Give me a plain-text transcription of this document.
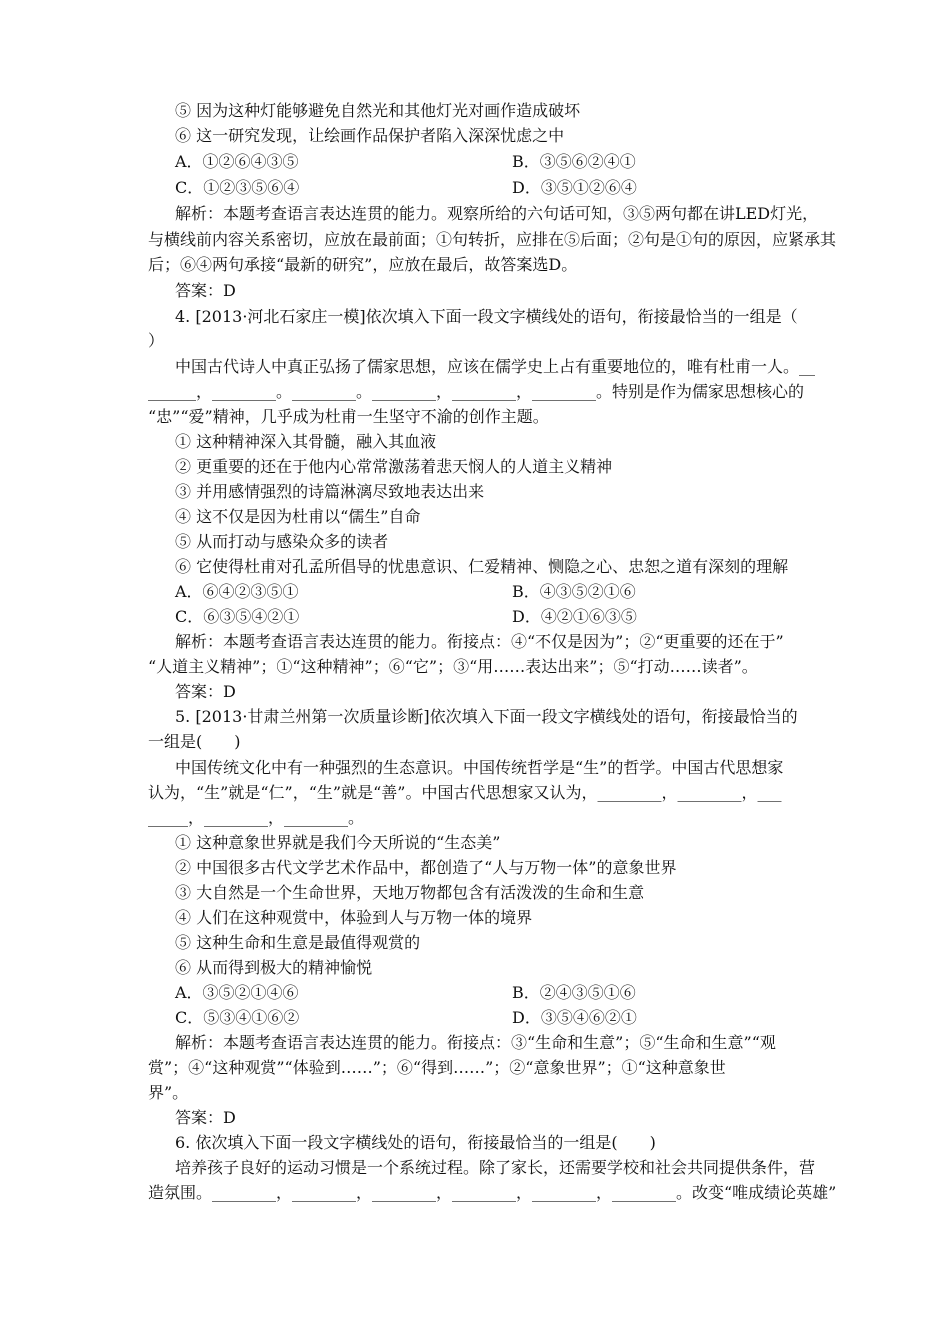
⑤ 因为这种灯能够避免自然光和其他灯光对画作造成破坏
⑥ 这一研究发现，让绘画作品保护者陷入深深忧虑之中
A．①②⑥④③⑤	B．③⑤⑥②④①
C．①②③⑤⑥④	D．③⑤①②⑥④
解析：本题考查语言表达连贯的能力。观察所给的六句话可知，③⑤两句都在讲LED灯光，
与横线前内容关系密切，应放在最前面；①句转折，应排在⑤后面；②句是①句的原因，应紧承其
后；⑥④两句承接“最新的研究”，应放在最后，故答案选D。
答案：D
4. [2013·河北石家庄一模]依次填入下面一段文字横线处的语句，衔接最恰当的一组是（
）
中国古代诗人中真正弘扬了儒家思想，应该在儒学史上占有重要地位的，唯有杜甫一人。__
______，________。________。________，________，________。特别是作为儒家思想核心的
“忠”“爱”精神，几乎成为杜甫一生坚守不渝的创作主题。
① 这种精神深入其骨髓，融入其血液
② 更重要的还在于他内心常常激荡着悲天悯人的人道主义精神
③ 并用感情强烈的诗篇淋漓尽致地表达出来
④ 这不仅是因为杜甫以“儒生”自命
⑤ 从而打动与感染众多的读者
⑥ 它使得杜甫对孔孟所倡导的忧患意识、仁爱精神、恻隐之心、忠恕之道有深刻的理解
A．⑥④②③⑤①	B．④③⑤②①⑥
C．⑥③⑤④②①	D．④②①⑥③⑤
解析：本题考查语言表达连贯的能力。衔接点：④“不仅是因为”；②“更重要的还在于”
“人道主义精神”；①“这种精神”；⑥“它”；③“用……表达出来”；⑤“打动……读者”。
答案：D
5. [2013·甘肃兰州第一次质量诊断]依次填入下面一段文字横线处的语句，衔接最恰当的
一组是(　　)
中国传统文化中有一种强烈的生态意识。中国传统哲学是“生”的哲学。中国古代思想家
认为，“生”就是“仁”，“生”就是“善”。中国古代思想家又认为，________，________，___
_____，________，________。
① 这种意象世界就是我们今天所说的“生态美”
② 中国很多古代文学艺术作品中，都创造了“人与万物一体”的意象世界
③ 大自然是一个生命世界，天地万物都包含有活泼泼的生命和生意
④ 人们在这种观赏中，体验到人与万物一体的境界
⑤ 这种生命和生意是最值得观赏的
⑥ 从而得到极大的精神愉悦
A．③⑤②①④⑥	B．②④③⑤①⑥
C．⑤③④①⑥②	D．③⑤④⑥②①
解析：本题考查语言表达连贯的能力。衔接点：③“生命和生意”；⑤“生命和生意”“观
赏”；④“这种观赏”“体验到……”；⑥“得到……”；②“意象世界”；①“这种意象世
界”。
答案：D
6. 依次填入下面一段文字横线处的语句，衔接最恰当的一组是(　　)
培养孩子良好的运动习惯是一个系统过程。除了家长，还需要学校和社会共同提供条件，营
造氛围。________，________，________，________，________，________。改变“唯成绩论英雄”
